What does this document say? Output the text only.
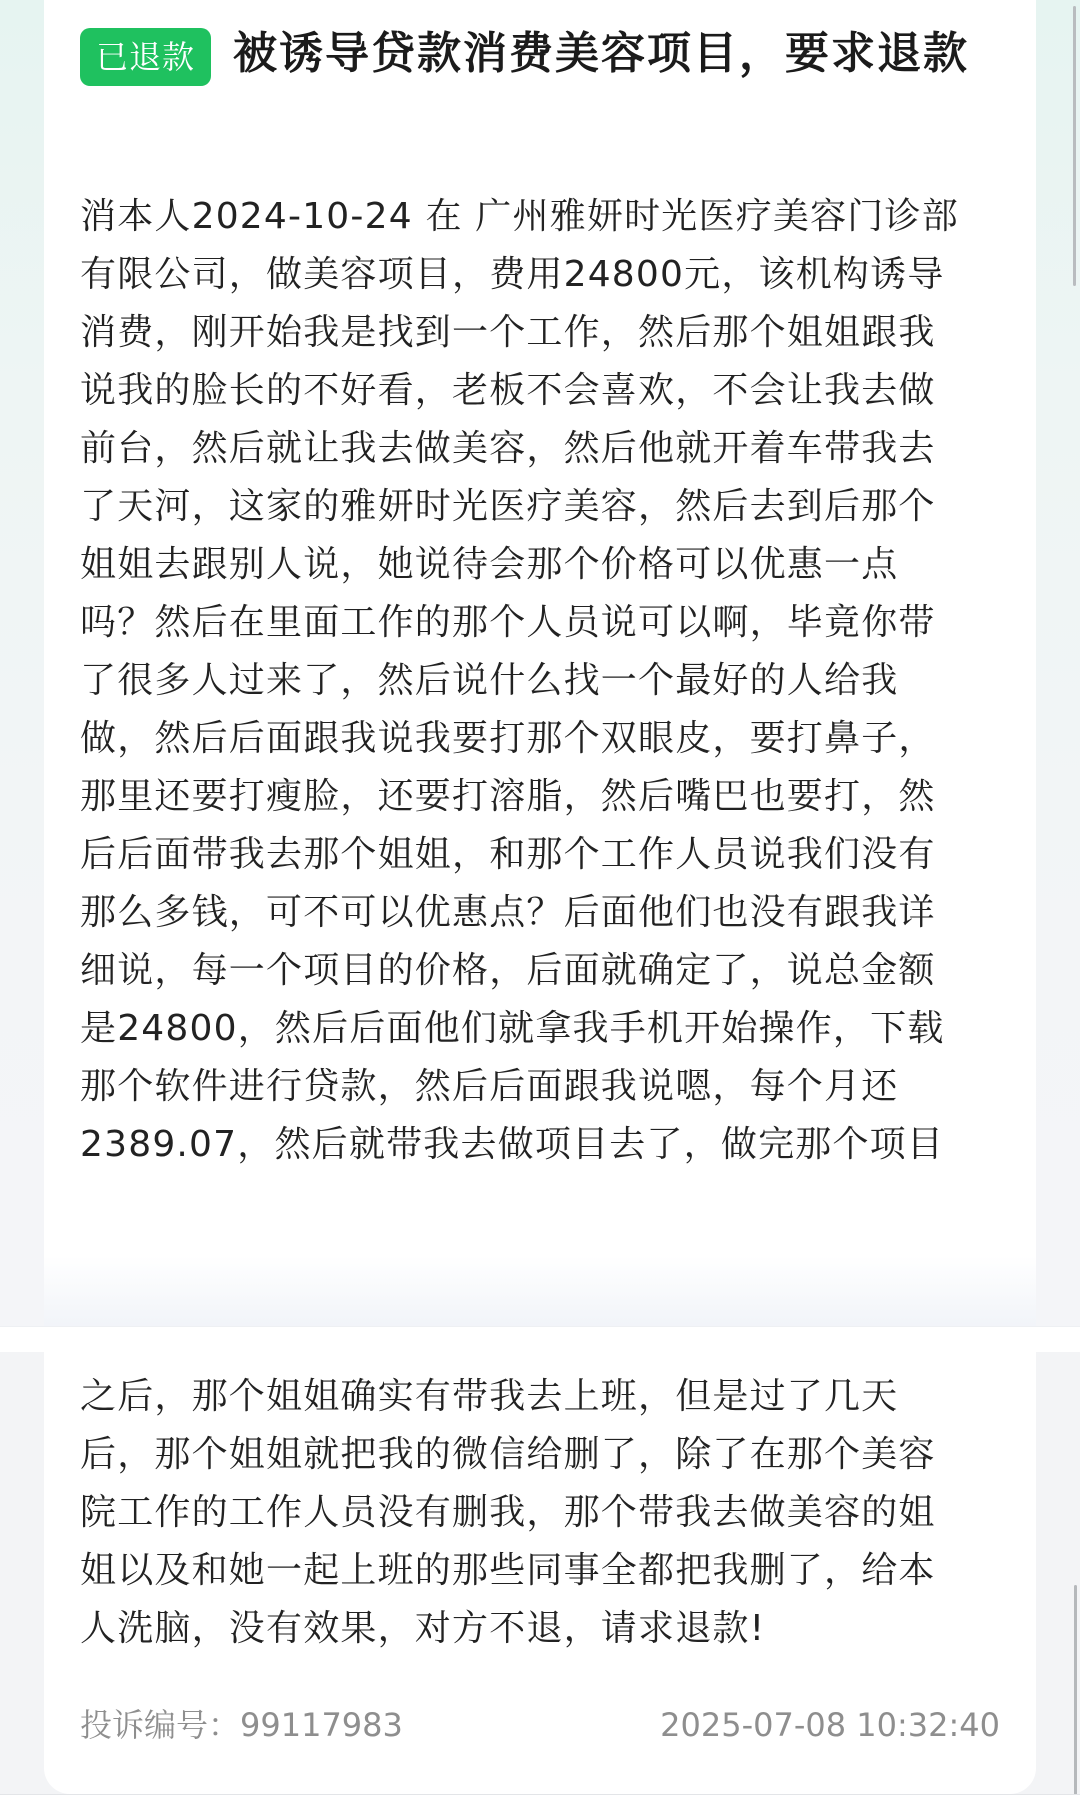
已退款 被诱导贷款消费美容项目，要求退款
消本人2024-10-24 在 广州雅妍时光医疗美容门诊部
有限公司，做美容项目，费用24800元，该机构诱导
消费，刚开始我是找到一个工作，然后那个姐姐跟我
说我的脸长的不好看，老板不会喜欢，不会让我去做
前台，然后就让我去做美容，然后他就开着车带我去
了天河，这家的雅妍时光医疗美容，然后去到后那个
姐姐去跟别人说，她说待会那个价格可以优惠一点
吗？然后在里面工作的那个人员说可以啊，毕竟你带
了很多人过来了，然后说什么找一个最好的人给我
做，然后后面跟我说我要打那个双眼皮，要打鼻子，
那里还要打瘦脸，还要打溶脂，然后嘴巴也要打，然
后后面带我去那个姐姐，和那个工作人员说我们没有
那么多钱，可不可以优惠点？后面他们也没有跟我详
细说，每一个项目的价格，后面就确定了，说总金额
是24800，然后后面他们就拿我手机开始操作，下载
那个软件进行贷款，然后后面跟我说嗯，每个月还
2389.07，然后就带我去做项目去了，做完那个项目
之后，那个姐姐确实有带我去上班，但是过了几天
后，那个姐姐就把我的微信给删了，除了在那个美容
院工作的工作人员没有删我，那个带我去做美容的姐
姐以及和她一起上班的那些同事全都把我删了，给本
人洗脑，没有效果，对方不退，请求退款!
投诉编号：99117983	2025-07-08 10:32:40
